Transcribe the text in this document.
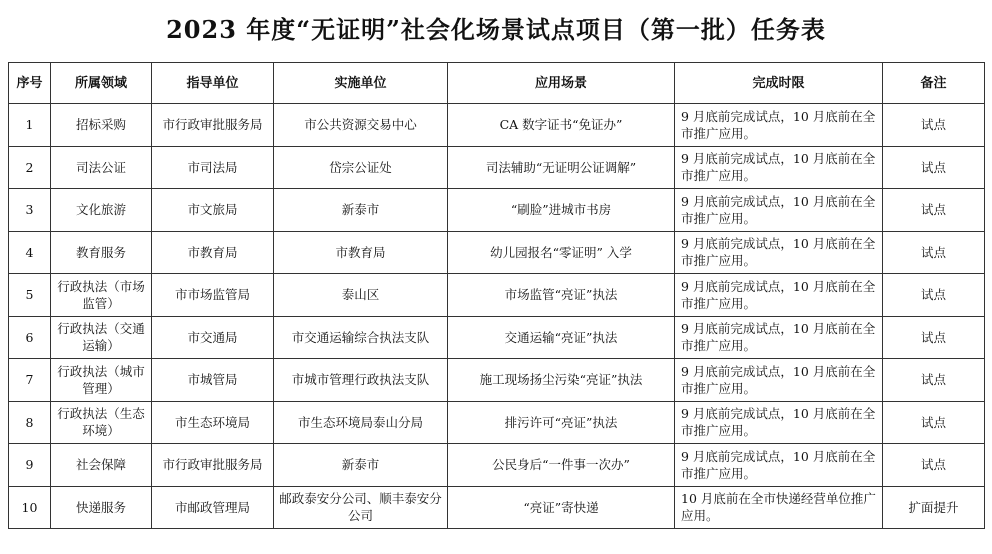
2023 年度“无证明”社会化场景试点项目（第一批）任务表
序号	所属领域	指导单位	实施单位	应用场景	完成时限	备注
1	招标采购	市行政审批服务局	市公共资源交易中心	CA 数字证书“免证办”	9 月底前完成试点，10 月底前在全市推广应用。	试点
2	司法公证	市司法局	岱宗公证处	司法辅助“无证明公证调解”	9 月底前完成试点，10 月底前在全市推广应用。	试点
3	文化旅游	市文旅局	新泰市	“刷脸”进城市书房	9 月底前完成试点，10 月底前在全市推广应用。	试点
4	教育服务	市教育局	市教育局	幼儿园报名“零证明” 入学	9 月底前完成试点，10 月底前在全市推广应用。	试点
5	行政执法（市场监管）	市市场监管局	泰山区	市场监管“亮证”执法	9 月底前完成试点，10 月底前在全市推广应用。	试点
6	行政执法（交通运输）	市交通局	市交通运输综合执法支队	交通运输“亮证”执法	9 月底前完成试点，10 月底前在全市推广应用。	试点
7	行政执法（城市管理）	市城管局	市城市管理行政执法支队	施工现场扬尘污染“亮证”执法	9 月底前完成试点，10 月底前在全市推广应用。	试点
8	行政执法（生态环境）	市生态环境局	市生态环境局泰山分局	排污许可“亮证”执法	9 月底前完成试点，10 月底前在全市推广应用。	试点
9	社会保障	市行政审批服务局	新泰市	公民身后“一件事一次办”	9 月底前完成试点，10 月底前在全市推广应用。	试点
10	快递服务	市邮政管理局	邮政泰安分公司、顺丰泰安分公司	“亮证”寄快递	10 月底前在全市快递经营单位推广应用。	扩面提升
